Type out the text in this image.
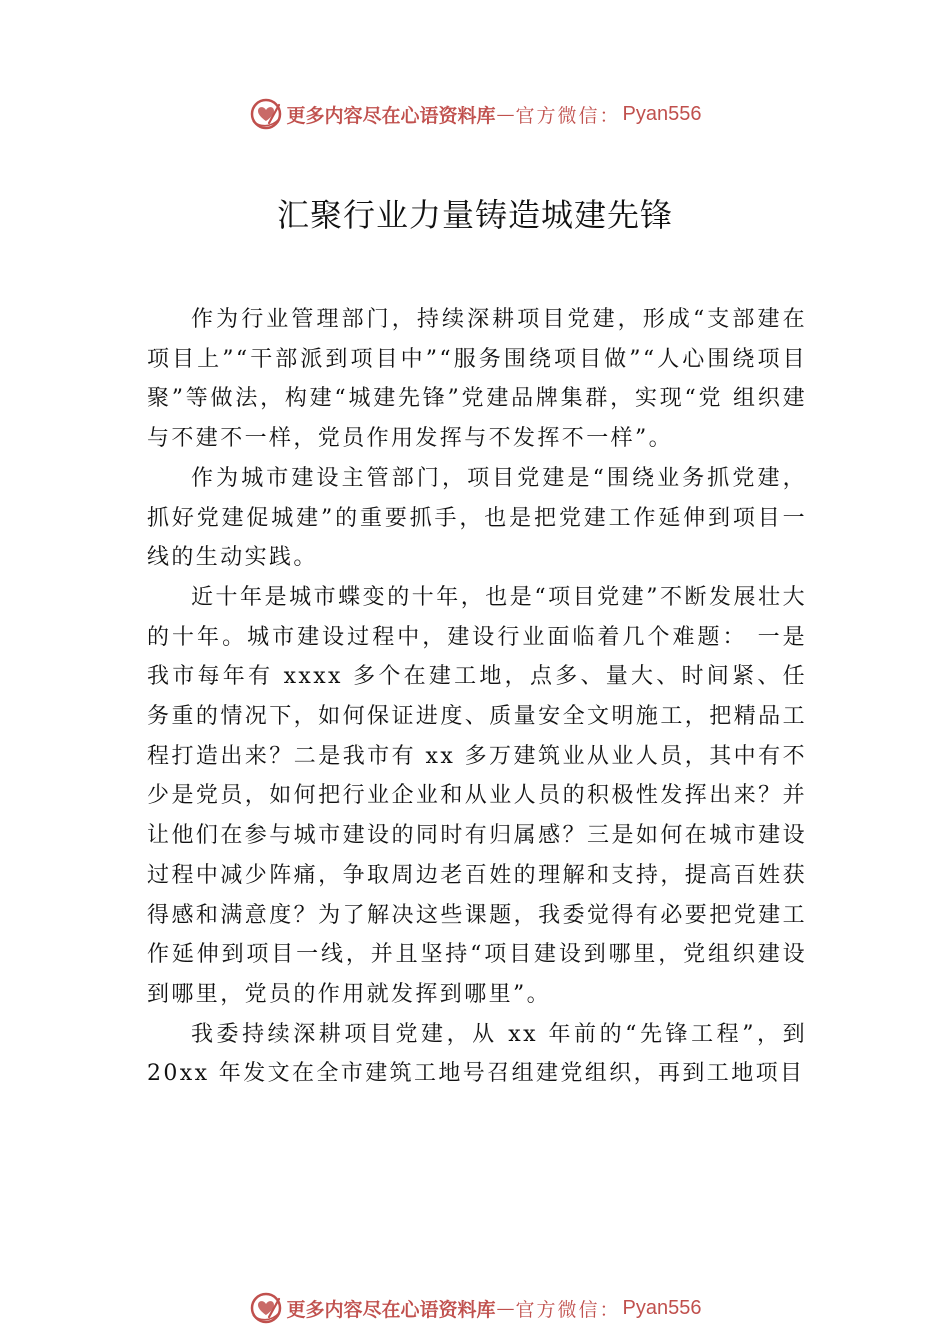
更多内容尽在心语资料库 — 官方微信： Pyan556
汇聚行业力量铸造城建先锋

作为行业管理部门，持续深耕项目党建，形成“支部建在项目上”“干部派到项目中”“服务围绕项目做”“人心围绕项目聚”等做法，构建“城建先锋”党建品牌集群，实现“党 组织建与不建不一样，党员作用发挥与不发挥不一样”。

作为城市建设主管部门，项目党建是“围绕业务抓党建，抓好党建促城建”的重要抓手，也是把党建工作延伸到项目一线的生动实践。

近十年是城市蝶变的十年，也是“项目党建”不断发展壮大的十年。城市建设过程中，建设行业面临着几个难题： 一是我市每年有 xxxx 多个在建工地，点多、量大、时间紧、任务重的情况下，如何保证进度、质量安全文明施工，把精品工程打造出来？二是我市有 xx 多万建筑业从业人员，其中有不少是党员，如何把行业企业和从业人员的积极性发挥出来？并让他们在参与城市建设的同时有归属感？三是如何在城市建设过程中减少阵痛，争取周边老百姓的理解和支持，提高百姓获得感和满意度？为了解决这些课题，我委觉得有必要把党建工作延伸到项目一线，并且坚持“项目建设到哪里，党组织建设到哪里，党员的作用就发挥到哪里”。

我委持续深耕项目党建，从 xx 年前的“先锋工程”，到 20xx 年发文在全市建筑工地号召组建党组织，再到工地项目

更多内容尽在心语资料库 — 官方微信： Pyan556
